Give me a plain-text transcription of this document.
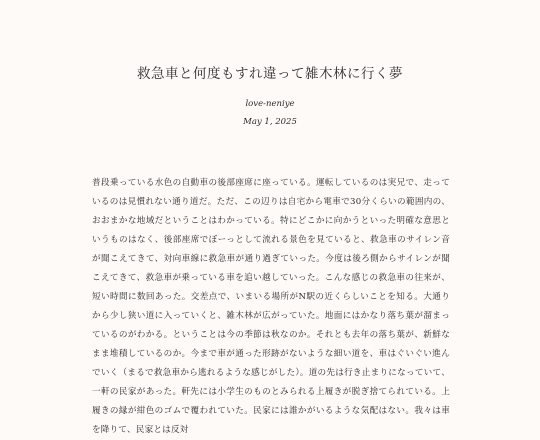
救急車と何度もすれ違って雑木林に行く夢
love-neniye
May 1, 2025

普段乗っている水色の自動車の後部座席に座っている。運転しているのは実兄で、走っているのは見慣れない通り道だ。ただ、この辺りは自宅から電車で30分くらいの範囲内の、おおまかな地域だということはわかっている。特にどこかに向かうといった明確な意思というものはなく、後部座席でぼーっとして流れる景色を見ていると、救急車のサイレン音が聞こえてきて、対向車線に救急車が通り過ぎていった。今度は後ろ側からサイレンが聞こえてきて、救急車が乗っている車を追い越していった。こんな感じの救急車の往来が、短い時間に数回あった。交差点で、いまいる場所がN駅の近くらしいことを知る。大通りから少し狭い道に入っていくと、雑木林が広がっていた。地面にはかなり落ち葉が溜まっているのがわかる。ということは今の季節は秋なのか。それとも去年の落ち葉が、新鮮なまま堆積しているのか。今まで車が通った形跡がないような細い道を、車はぐいぐい進んでいく（まるで救急車から逃れるような感じがした）。道の先は行き止まりになっていて、一軒の民家があった。軒先には小学生のものとみられる上履きが脱ぎ捨てられている。上履きの縁が紺色のゴムで覆われていた。民家には誰かがいるような気配はない。我々は車を降りて、民家とは反対
